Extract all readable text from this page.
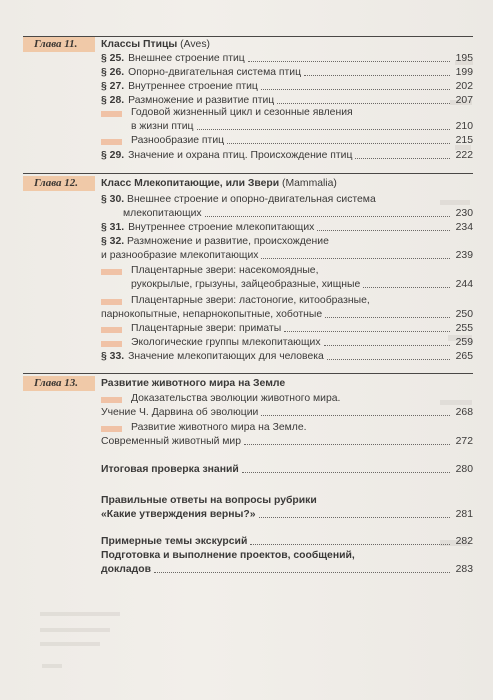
Глава 11. Классы Птицы (Aves)
§ 25. Внешнее строение птиц	195
§ 26. Опорно-двигательная система птиц	199
§ 27. Внутреннее строение птиц	202
§ 28. Размножение и развитие птиц	207
Годовой жизненный цикл и сезонные явления
в жизни птиц	210
Разнообразие птиц	215
§ 29. Значение и охрана птиц. Происхождение птиц	222
Глава 12. Класс Млекопитающие, или Звери (Mammalia)
§ 30. Внешнее строение и опорно-двигательная система
млекопитающих	230
§ 31. Внутреннее строение млекопитающих	234
§ 32. Размножение и развитие, происхождение
и разнообразие млекопитающих	239
Плацентарные звери: насекомоядные,
рукокрылые, грызуны, зайцеобразные, хищные	244
Плацентарные звери: ластоногие, китообразные,
парнокопытные, непарнокопытные, хоботные	250
Плацентарные звери: приматы	255
Экологические группы млекопитающих	259
§ 33. Значение млекопитающих для человека	265
Глава 13. Развитие животного мира на Земле
Доказательства эволюции животного мира.
Учение Ч. Дарвина об эволюции	268
Развитие животного мира на Земле.
Современный животный мир	272
Итоговая проверка знаний	280
Правильные ответы на вопросы рубрики
«Какие утверждения верны?»	281
Примерные темы экскурсий	282
Подготовка и выполнение проектов, сообщений,
докладов	283
